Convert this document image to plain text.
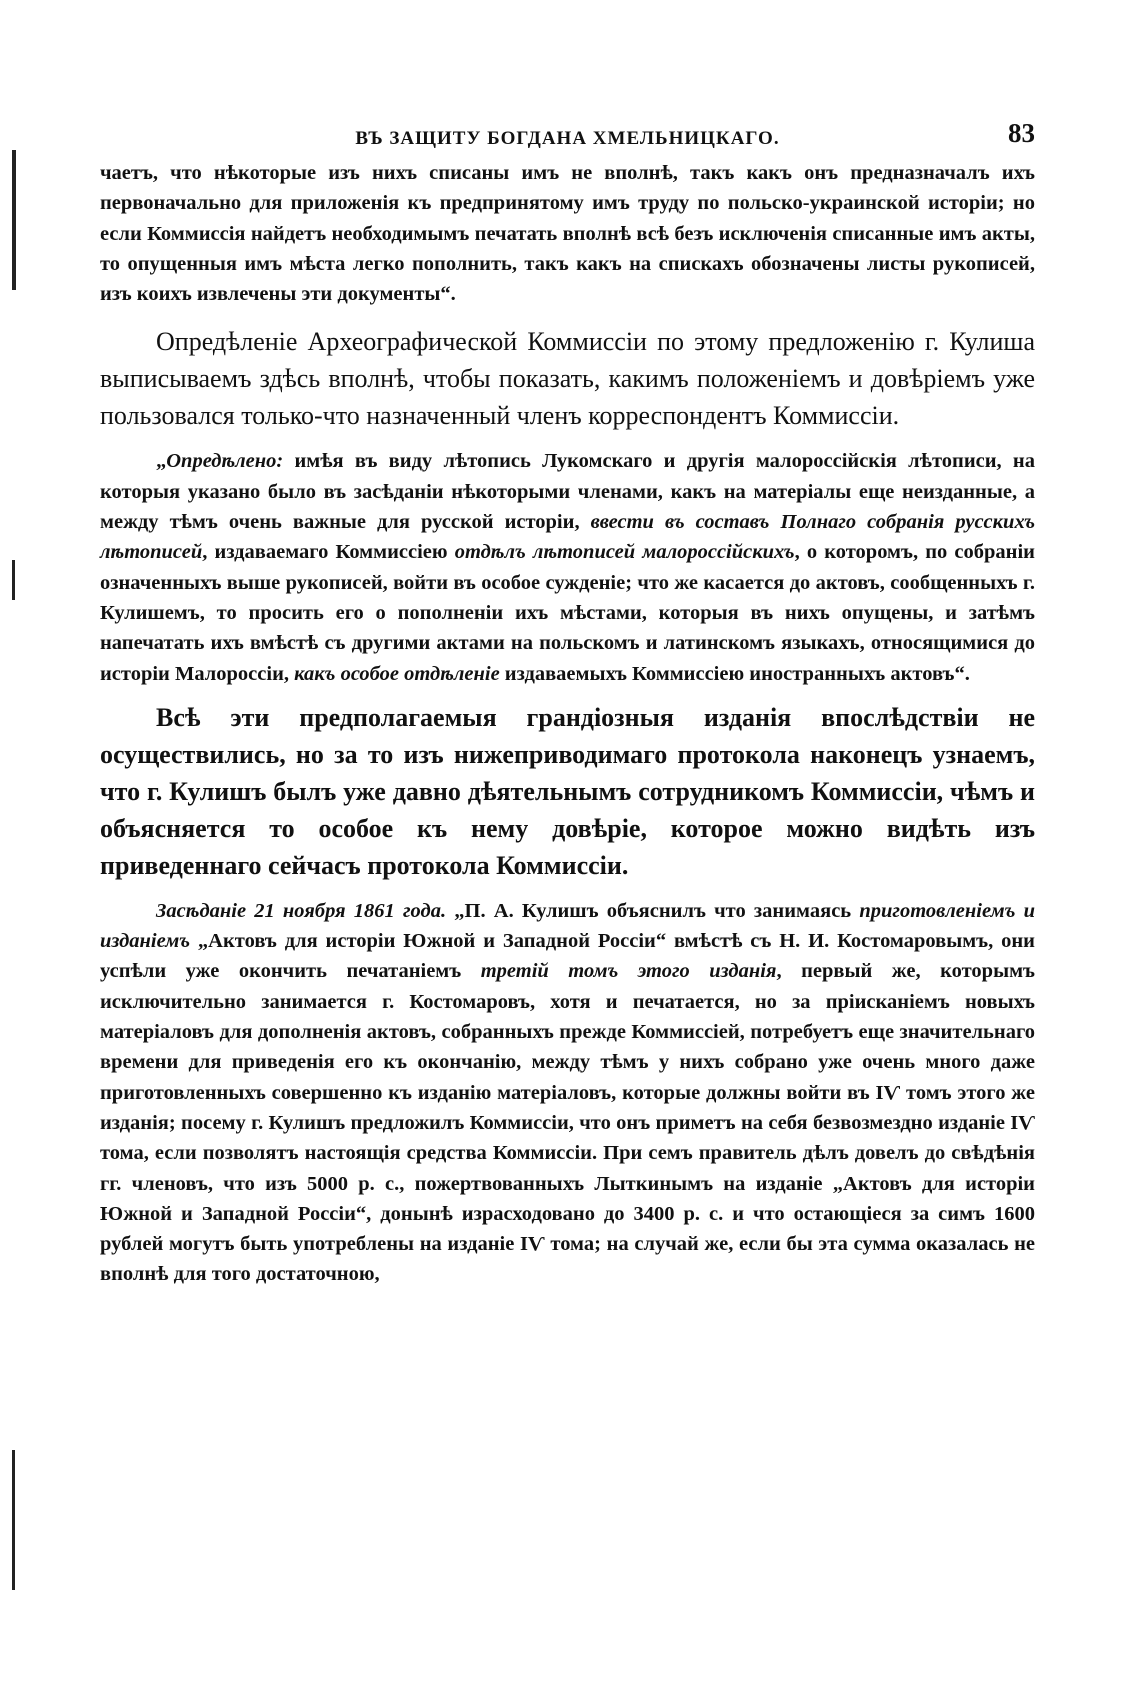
ВЪ ЗАЩИТУ БОГДАНА ХМЕЛЬНИЦКАГО.	83

чаетъ, что нѣкоторые изъ нихъ списаны имъ не вполнѣ, такъ какъ онъ предназначалъ ихъ первоначально для приложенія къ предпринятому имъ труду по польско-украинской исторіи; но если Коммиссія найдетъ необходимымъ печатать вполнѣ всѣ безъ исключенія списанные имъ акты, то опущенныя имъ мѣста легко пополнить, такъ какъ на спискахъ обозначены листы рукописей, изъ коихъ извлечены эти документы“.

Опредѣленіе Археографической Коммиссіи по этому предложенію г. Кулиша выписываемъ здѣсь вполнѣ, чтобы показать, какимъ положеніемъ и довѣріемъ уже пользовался только-что назначенный членъ корреспондентъ Коммиссіи.

„Опредѣлено: имѣя въ виду лѣтопись Лукомскаго и другія малороссійскія лѣтописи, на которыя указано было въ засѣданіи нѣкоторыми членами, какъ на матеріалы еще неизданные, а между тѣмъ очень важные для русской исторіи, ввести въ составъ Полнаго собранія русскихъ лѣтописей, издаваемаго Коммиссіею отдѣлъ лѣтописей малороссійскихъ, о которомъ, по собраніи означенныхъ выше рукописей, войти въ особое сужденіе; что же касается до актовъ, сообщенныхъ г. Кулишемъ, то просить его о пополненіи ихъ мѣстами, которыя въ нихъ опущены, и затѣмъ напечатать ихъ вмѣстѣ съ другими актами на польскомъ и латинскомъ языкахъ, относящимися до исторіи Малороссіи, какъ особое отдѣленіе издаваемыхъ Коммиссіею иностранныхъ актовъ“.

Всѣ эти предполагаемыя грандіозныя изданія впослѣдствіи не осуществились, но за то изъ нижеприводимаго протокола наконецъ узнаемъ, что г. Кулишъ былъ уже давно дѣятельнымъ сотрудникомъ Коммиссіи, чѣмъ и объясняется то особое къ нему довѣріе, которое можно видѣть изъ приведеннаго сейчасъ протокола Коммиссіи.

Засѣданіе 21 ноября 1861 года. „П. А. Кулишъ объяснилъ что занимаясь приготовленіемъ и изданіемъ „Актовъ для исторіи Южной и Западной Россіи“ вмѣстѣ съ Н. И. Костомаровымъ, они успѣли уже окончить печатаніемъ третій томъ этого изданія, первый же, которымъ исключительно занимается г. Костомаровъ, хотя и печатается, но за пріисканіемъ новыхъ матеріаловъ для дополненія актовъ, собранныхъ прежде Коммиссіей, потребуетъ еще значительнаго времени для приведенія его къ окончанію, между тѣмъ у нихъ собрано уже очень много даже приготовленныхъ совершенно къ изданію матеріаловъ, которые должны войти въ IѴ томъ этого же изданія; посему г. Кулишъ предложилъ Коммиссіи, что онъ приметъ на себя безвозмездно изданіе IѴ тома, если позволятъ настоящія средства Коммиссіи. При семъ правитель дѣлъ довелъ до свѣдѣнія гг. членовъ, что изъ 5000 р. с., пожертвованныхъ Лыткинымъ на изданіе „Актовъ для исторіи Южной и Западной Россіи“, донынѣ израсходовано до 3400 р. с. и что остающіеся за симъ 1600 рублей могутъ быть употреблены на изданіе IѴ тома; на случай же, если бы эта сумма оказалась не вполнѣ для того достаточною,
